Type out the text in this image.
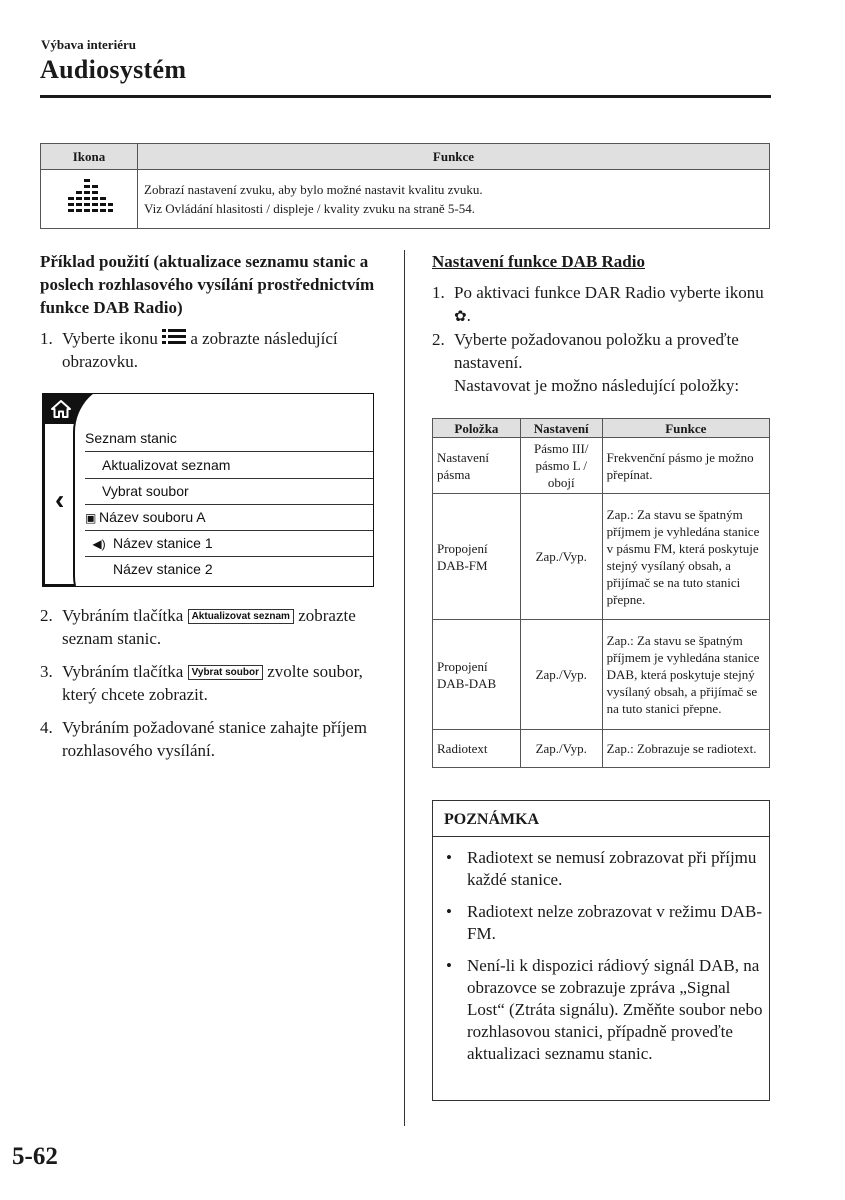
Výbava interiéru
Audiosystém
Ikona	Funkce

Zobrazí nastavení zvuku, aby bylo možné nastavit kvalitu zvuku.
Viz Ovládání hlasitosti / displeje / kvality zvuku na straně 5-54.

Příklad použití (aktualizace seznamu stanic a poslech rozhlasového vysílání prostřednictvím funkce DAB Radio)

1. Vyberte ikonu a zobrazte následující obrazovku.
‹
Seznam stanic
Aktualizovat seznam
Vybrat soubor
▣ Název souboru A
◀) Název stanice 1
Název stanice 2
2. Vybráním tlačítka Aktualizovat seznam zobrazte seznam stanic.
3. Vybráním tlačítka Vybrat soubor zvolte soubor, který chcete zobrazit.
4. Vybráním požadované stanice zahajte příjem rozhlasového vysílání.

Nastavení funkce DAB Radio

1. Po aktivaci funkce DAR Radio vyberte ikonu ✿.
2. Vyberte požadovanou položku a proveďte nastavení.
Nastavovat je možno následující položky:
Položka	Nastavení	Funkce
Nastavení pásma	Pásmo III/ pásmo L / obojí	Frekvenční pásmo je možno přepínat.
Propojení DAB-FM	Zap./Vyp.	Zap.: Za stavu se špatným příjmem je vyhledána stanice v pásmu FM, která poskytuje stejný vysílaný obsah, a přijímač se na tuto stanici přepne.
Propojení DAB-DAB	Zap./Vyp.	Zap.: Za stavu se špatným příjmem je vyhledána stanice DAB, která poskytuje stejný vysílaný obsah, a přijímač se na tuto stanici přepne.
Radiotext	Zap./Vyp.	Zap.: Zobrazuje se radiotext.
POZNÁMKA
• Radiotext se nemusí zobrazovat při příjmu každé stanice.
• Radiotext nelze zobrazovat v režimu DAB-FM.
• Není-li k dispozici rádiový signál DAB, na obrazovce se zobrazuje zpráva „Signal Lost“ (Ztráta signálu). Změňte soubor nebo rozhlasovou stanici, případně proveďte aktualizaci seznamu stanic.
5-62
